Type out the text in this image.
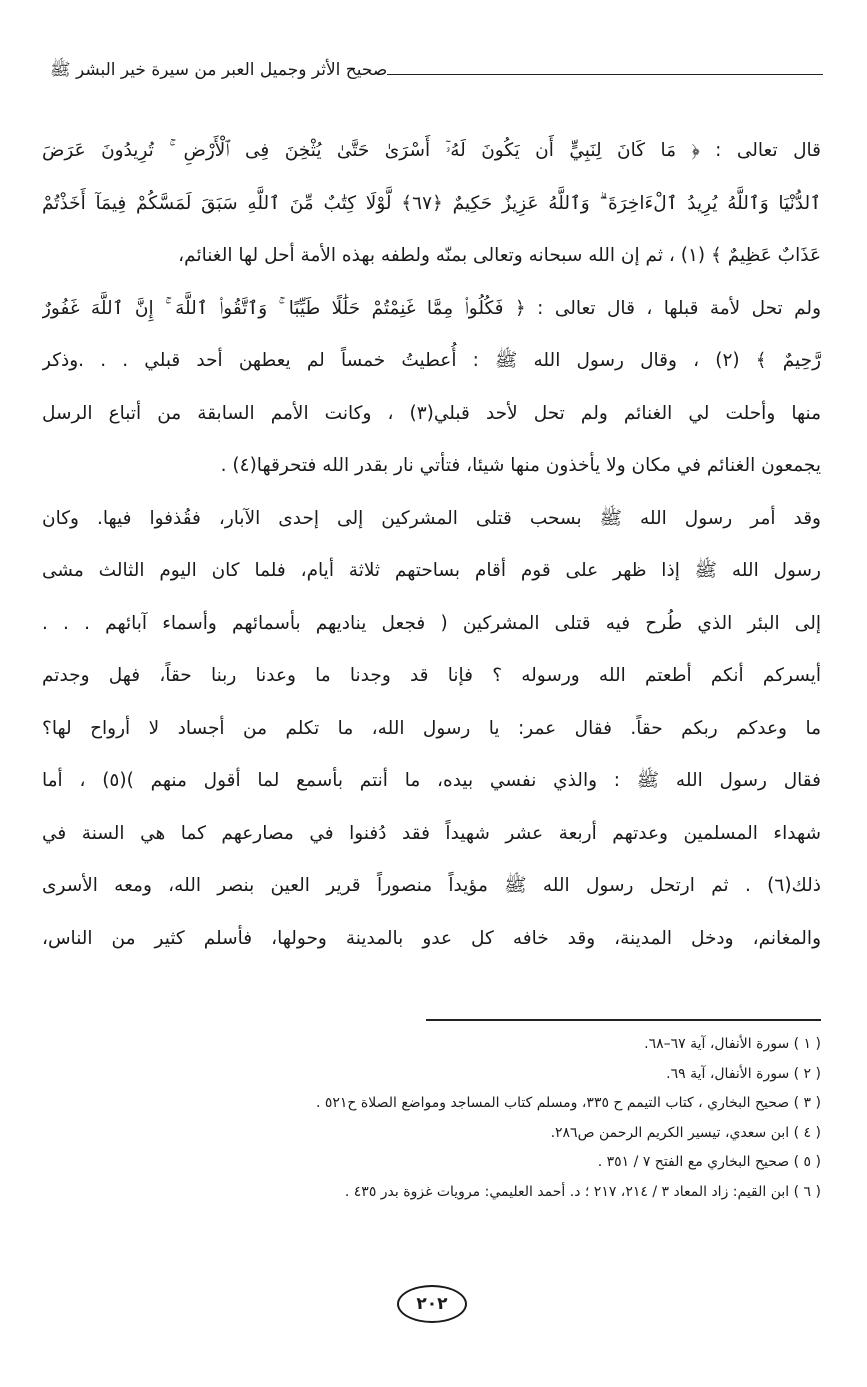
صحيح الأثر وجميل العبر من سيرة خير البشر ﷺ
قال تعالى : ﴿ مَا كَانَ لِنَبِيٍّ أَن يَكُونَ لَهُۥٓ أَسْرَىٰ حَتَّىٰ يُثْخِنَ فِى ٱلْأَرْضِ ۚ تُرِيدُونَ عَرَضَ
ٱلدُّنْيَا وَٱللَّهُ يُرِيدُ ٱلْءَاخِرَةَ ۗ وَٱللَّهُ عَزِيزٌ حَكِيمٌ ﴿٦٧﴾ لَّوْلَا كِتَٰبٌ مِّنَ ٱللَّهِ سَبَقَ لَمَسَّكُمْ فِيمَآ أَخَذْتُمْ
عَذَابٌ عَظِيمٌ ﴾ (١) ، ثم إن الله سبحانه وتعالى بمنّه ولطفه بهذه الأمة أحل لها الغنائم،
ولم تحل لأمة قبلها ، قال تعالى : ﴿ فَكُلُوا۟ مِمَّا غَنِمْتُمْ حَلَٰلًا طَيِّبًا ۚ وَٱتَّقُوا۟ ٱللَّهَ ۚ إِنَّ ٱللَّهَ غَفُورٌ
رَّحِيمٌ ﴾ (٢) ، وقال رسول الله ﷺ : أُعطيتُ خمساً لم يعطهن أحد قبلي . . .وذكر
منها وأحلت لي الغنائم ولم تحل لأحد قبلي(٣) ، وكانت الأمم السابقة من أتباع الرسل
يجمعون الغنائم في مكان ولا يأخذون منها شيئا، فتأتي نار بقدر الله فتحرقها(٤) .
وقد أمر رسول الله ﷺ بسحب قتلى المشركين إلى إحدى الآبار، فقُذفوا فيها. وكان
رسول الله ﷺ إذا ظهر على قوم أقام بساحتهم ثلاثة أيام، فلما كان اليوم الثالث مشى
إلى البئر الذي طُرح فيه قتلى المشركين ( فجعل يناديهم بأسمائهم وأسماء آبائهم . . .
أيسركم أنكم أطعتم الله ورسوله ؟ فإنا قد وجدنا ما وعدنا ربنا حقاً، فهل وجدتم
ما وعدكم ربكم حقاً. فقال عمر: يا رسول الله، ما تكلم من أجساد لا أرواح لها؟
فقال رسول الله ﷺ : والذي نفسي بيده، ما أنتم بأسمع لما أقول منهم )(٥) ، أما
شهداء المسلمين وعدتهم أربعة عشر شهيداً فقد دُفنوا في مصارعهم كما هي السنة في
ذلك(٦) . ثم ارتحل رسول الله ﷺ مؤيداً منصوراً قرير العين بنصر الله، ومعه الأسرى
والمغانم، ودخل المدينة، وقد خافه كل عدو بالمدينة وحولها، فأسلم كثير من الناس،
( ١ ) سورة الأنفال، آية ٦٧–٦٨.
( ٢ ) سورة الأنفال، آية ٦٩.
( ٣ ) صحيح البخاري ، كتاب التيمم ح ٣٣٥، ومسلم كتاب المساجد ومواضع الصلاة ح٥٢١ .
( ٤ ) ابن سعدي، تيسير الكريم الرحمن ص٢٨٦.
( ٥ ) صحيح البخاري مع الفتح ٧ / ٣٥١ .
( ٦ ) ابن القيم: زاد المعاد ٣ / ٢١٤، ٢١٧ ؛ د. أحمد العليمي: مرويات غزوة بدر ٤٣٥ .
٢٠٢
